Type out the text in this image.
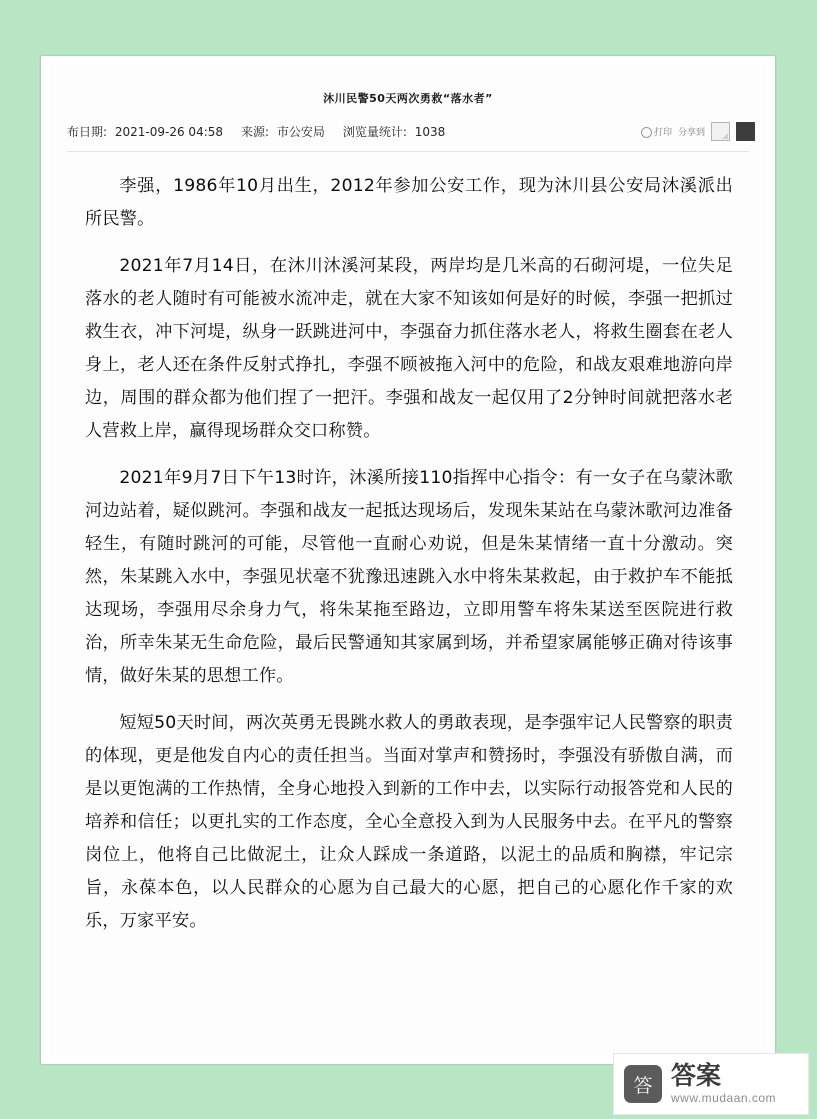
沐川民警50天两次勇救“落水者”
布日期: 2021-09-26 04:58 来源: 市公安局 浏览量统计: 1038	打印 分享到

李强，1986年10月出生，2012年参加公安工作，现为沐川县公安局沐溪派出所民警。

2021年7月14日，在沐川沐溪河某段，两岸均是几米高的石砌河堤，一位失足落水的老人随时有可能被水流冲走，就在大家不知该如何是好的时候，李强一把抓过救生衣，冲下河堤，纵身一跃跳进河中，李强奋力抓住落水老人，将救生圈套在老人身上，老人还在条件反射式挣扎，李强不顾被拖入河中的危险，和战友艰难地游向岸边，周围的群众都为他们捏了一把汗。李强和战友一起仅用了2分钟时间就把落水老人营救上岸，赢得现场群众交口称赞。

2021年9月7日下午13时许，沐溪所接110指挥中心指令：有一女子在乌蒙沐歌河边站着，疑似跳河。李强和战友一起抵达现场后，发现朱某站在乌蒙沐歌河边准备轻生，有随时跳河的可能，尽管他一直耐心劝说，但是朱某情绪一直十分激动。突然，朱某跳入水中，李强见状毫不犹豫迅速跳入水中将朱某救起，由于救护车不能抵达现场，李强用尽余身力气，将朱某拖至路边，立即用警车将朱某送至医院进行救治，所幸朱某无生命危险，最后民警通知其家属到场，并希望家属能够正确对待该事情，做好朱某的思想工作。

短短50天时间，两次英勇无畏跳水救人的勇敢表现，是李强牢记人民警察的职责的体现，更是他发自内心的责任担当。当面对掌声和赞扬时，李强没有骄傲自满，而是以更饱满的工作热情，全身心地投入到新的工作中去，以实际行动报答党和人民的培养和信任；以更扎实的工作态度，全心全意投入到为人民服务中去。在平凡的警察岗位上，他将自己比做泥土，让众人踩成一条道路，以泥土的品质和胸襟，牢记宗旨，永葆本色，以人民群众的心愿为自己最大的心愿，把自己的心愿化作千家的欢乐，万家平安。

答 答案
www.mudaan.com
